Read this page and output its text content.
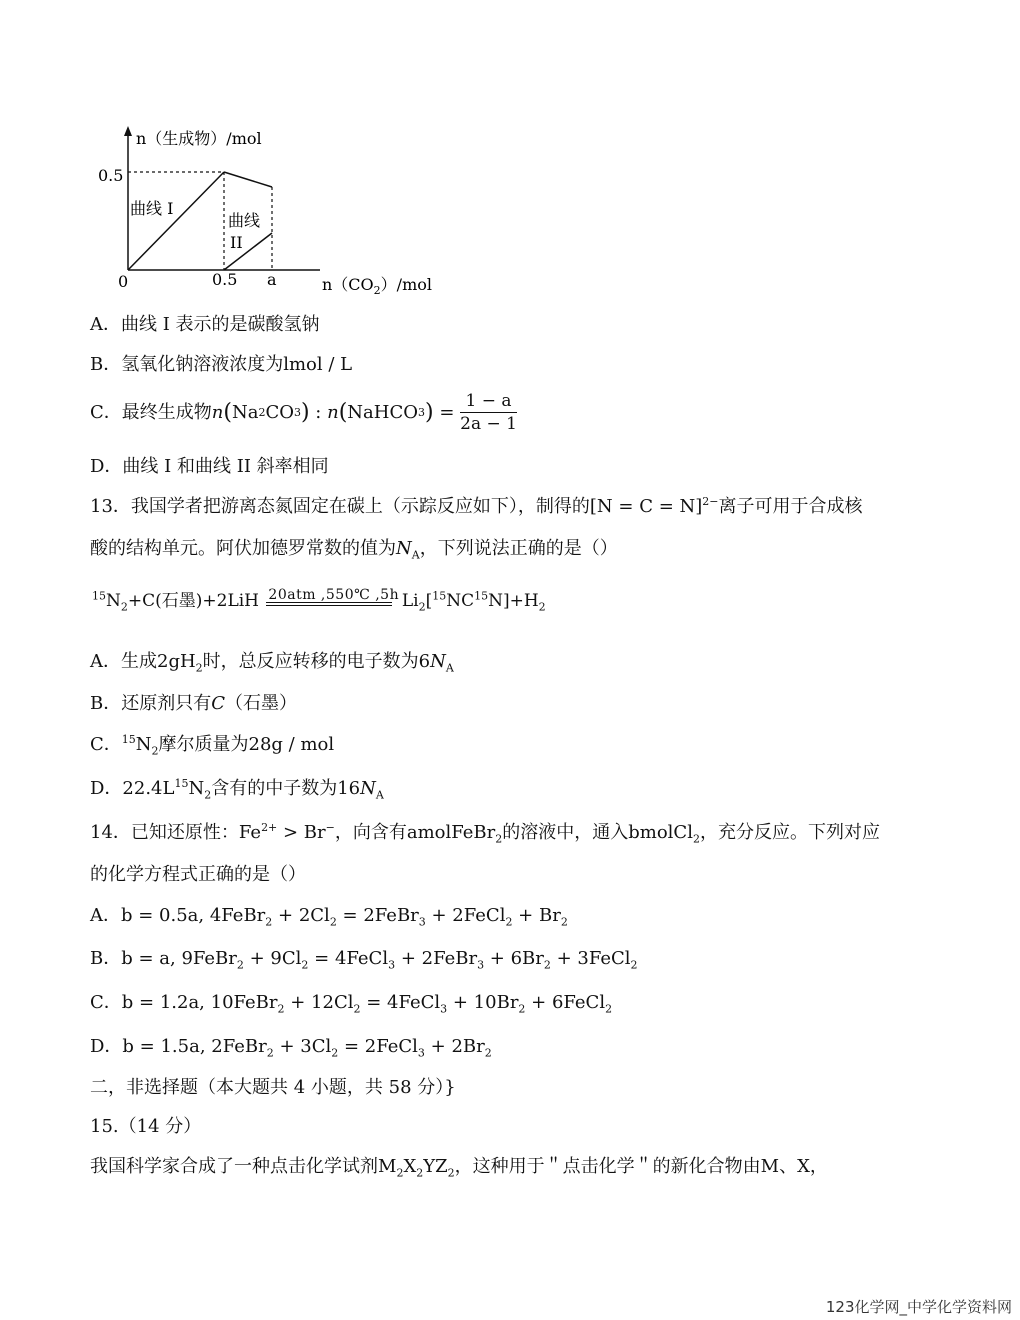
n（生成物）/mol
0.5
0	0.5 a
曲线 I
曲线
II
$n(CO_2)$/mol
A．曲线 I 表示的是碳酸氢钠
B．氢氧化钠溶液浓度为lmol / L
C．最终生成物 n ( Na 2 CO 3 ) : n ( NaHCO 3 ) = $\frac{1 - a}{2a - 1}$
D．曲线 I 和曲线 II 斜率相同
13．我国学者把游离态氮固定在碳上（示踪反应如下），制得的[N = C = N]$^{2-}$离子可用于合成核
酸的结构单元。阿伏加德罗常数的值为$N_A$，下列说法正确的是（）
$^{15}N_2+C$(石墨)+2LiH 20atm ,550℃ ,5h $Li_2[^{15}NC^{15}N]+H_2$
A．生成$2gH_2$时，总反应转移的电子数为$6N_A$
B．还原剂只有C（石墨）
C．$^{15}N_2$摩尔质量为28g / mol
D．$22.4L^{15}N_2$含有的中子数为$16N_A$
14．已知还原性：$Fe^{2+} > Br^-$，向含有amolFeBr$_2$的溶液中，通入bmolCl$_2$，充分反应。下列对应
的化学方程式正确的是（）
A．b = 0.5a, 4FeBr$_2$ + $2Cl_2$ = 2FeBr$_3$ + 2FeCl$_2$ + $Br_2$
B．b = a, 9FeBr$_2$ + $9Cl_2$ = 4FeCl$_3$ + 2FeBr$_3$ + $6Br_2$ + 3FeCl$_2$
C．b = 1.2a, 10FeBr$_2$ + $12Cl_2$ = 4FeCl$_3$ + $10Br_2$ + 6FeCl$_2$
D．b = 1.5a, 2FeBr$_2$ + $3Cl_2$ = 2FeCl$_3$ + $2Br_2$
二，非选择题（本大题共 4 小题，共 58 分）}
15.（14 分）
我国科学家合成了一种点击化学试剂$M_2X_2YZ_2$，这种用于＂点击化学＂的新化合物由M、X，
123化学网_中学化学资料网
